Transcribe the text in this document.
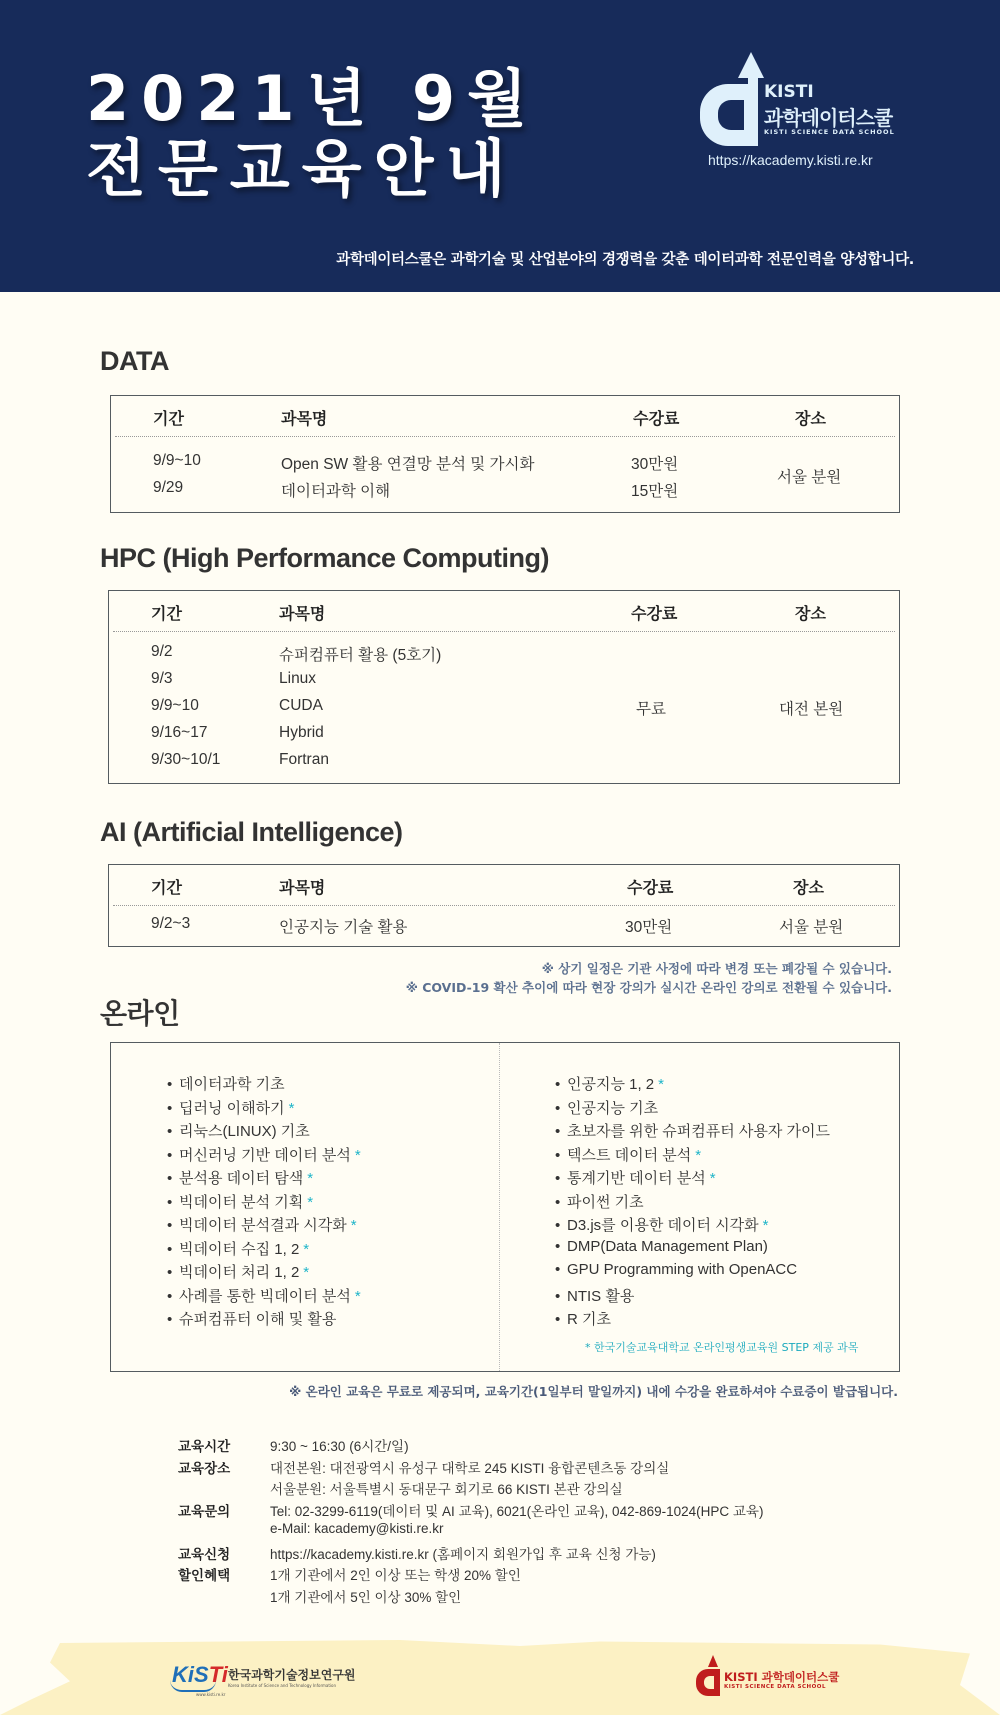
2021년 9월
전문교육안내
KISTI
과학데이터스쿨
KISTI SCIENCE DATA SCHOOL
https://kacademy.kisti.re.kr
과학데이터스쿨은 과학기술 및 산업분야의 경쟁력을 갖춘 데이터과학 전문인력을 양성합니다.
DATA
기간	과목명	수강료	장소
9/9~10	Open SW 활용 연결망 분석 및 가시화	30만원
9/29	데이터과학 이해	15만원
서울 분원
HPC (High Performance Computing)
기간	과목명	수강료	장소
9/2	슈퍼컴퓨터 활용 (5호기)
9/3	Linux
9/9~10	CUDA
9/16~17	Hybrid
9/30~10/1	Fortran
무료	대전 본원
AI (Artificial Intelligence)
기간	과목명	수강료	장소
9/2~3	인공지능 기술 활용	30만원	서울 분원
※ 상기 일정은 기관 사정에 따라 변경 또는 폐강될 수 있습니다.
※ COVID-19 확산 추이에 따라 현장 강의가 실시간 온라인 강의로 전환될 수 있습니다.
온라인
• 데이터과학 기초
• 딥러닝 이해하기 *
• 리눅스(LINUX) 기초
• 머신러닝 기반 데이터 분석 *
• 분석용 데이터 탐색 *
• 빅데이터 분석 기획 *
• 빅데이터 분석결과 시각화 *
• 빅데이터 수집 1, 2 *
• 빅데이터 처리 1, 2 *
• 사례를 통한 빅데이터 분석 *
• 슈퍼컴퓨터 이해 및 활용
• 인공지능 1, 2 *
• 인공지능 기초
• 초보자를 위한 슈퍼컴퓨터 사용자 가이드
• 텍스트 데이터 분석 *
• 통계기반 데이터 분석 *
• 파이썬 기초
• D3.js를 이용한 데이터 시각화 *
• DMP(Data Management Plan)
• GPU Programming with OpenACC
• NTIS 활용
• R 기초
* 한국기술교육대학교 온라인평생교육원 STEP 제공 과목
※ 온라인 교육은 무료로 제공되며, 교육기간(1일부터 말일까지) 내에 수강을 완료하셔야 수료증이 발급됩니다.
교육시간	9:30 ~ 16:30 (6시간/일)
교육장소	대전본원: 대전광역시 유성구 대학로 245 KISTI 융합콘텐츠동 강의실
서울분원: 서울특별시 동대문구 회기로 66 KISTI 본관 강의실
교육문의	Tel: 02-3299-6119(데이터 및 AI 교육), 6021(온라인 교육), 042-869-1024(HPC 교육)
e-Mail: kacademy@kisti.re.kr
교육신청	https://kacademy.kisti.re.kr (홈페이지 회원가입 후 교육 신청 가능)
할인혜택	1개 기관에서 2인 이상 또는 학생 20% 할인
1개 기관에서 5인 이상 30% 할인
KiSTi 한국과학기술정보연구원
Korea Institute of Science and Technology Information
www.kisti.re.kr
KISTI 과학데이터스쿨
KISTI SCIENCE DATA SCHOOL
